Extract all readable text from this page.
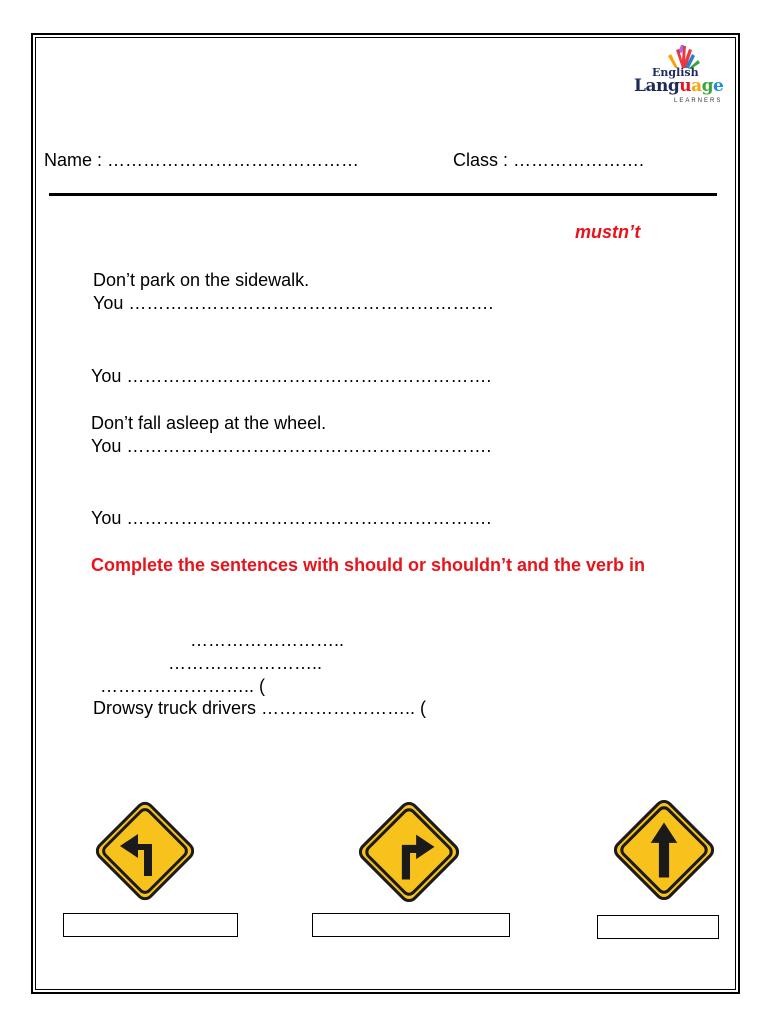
English
Language
LEARNERS
Name : ……………………………………	Class : ………………….
mustn’t
Don’t park on the sidewalk.
You …………………………………………………….
You …………………………………………………….
Don’t fall asleep at the wheel.
You …………………………………………………….
You …………………………………………………….
Complete the sentences with should or shouldn’t and the verb in
……………………..
……………………..
…………………….. (
Drowsy truck drivers …………………….. (
